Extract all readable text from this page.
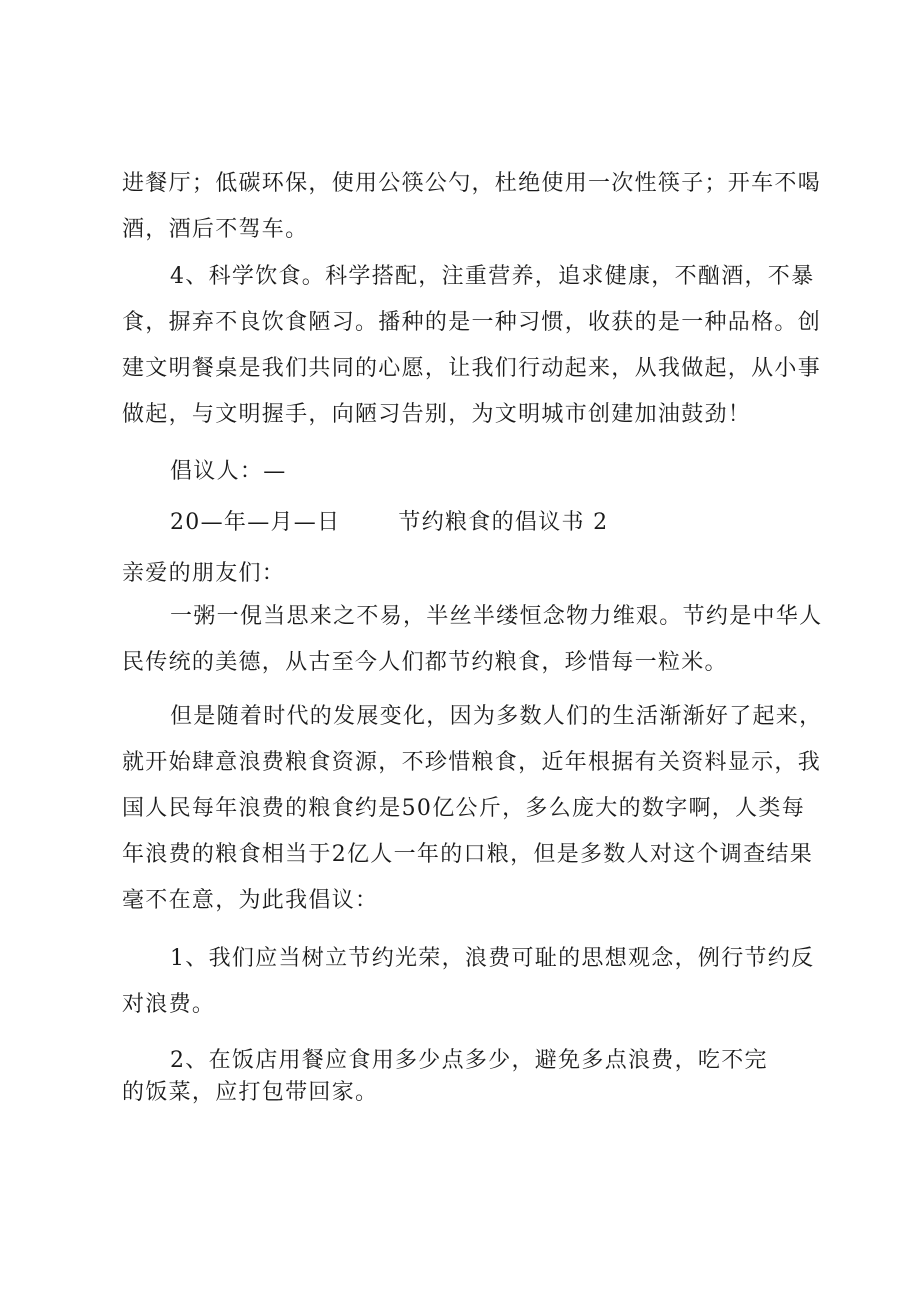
进餐厅；低碳环保，使用公筷公勺，杜绝使用一次性筷子；开车不喝
酒，酒后不驾车。
4、科学饮食。科学搭配，注重营养，追求健康，不酗酒，不暴
食，摒弃不良饮食陋习。播种的是一种习惯，收获的是一种品格。创
建文明餐桌是我们共同的心愿，让我们行动起来，从我做起，从小事
做起，与文明握手，向陋习告别，为文明城市创建加油鼓劲！
倡议人：—
20—年—月—日	节约粮食的倡议书 2
亲爱的朋友们：
一粥一俔当思来之不易，半丝半缕恒念物力维艰。节约是中华人
民传统的美德，从古至今人们都节约粮食，珍惜每一粒米。
但是随着时代的发展变化，因为多数人们的生活渐渐好了起来，
就开始肆意浪费粮食资源，不珍惜粮食，近年根据有关资料显示，我
国人民每年浪费的粮食约是50亿公斤，多么庞大的数字啊，人类每
年浪费的粮食相当于2亿人一年的口粮，但是多数人对这个调查结果
毫不在意，为此我倡议：
1、我们应当树立节约光荣，浪费可耻的思想观念，例行节约反
对浪费。
2、在饭店用餐应食用多少点多少，避免多点浪费，吃不完
的饭菜，应打包带回家。
